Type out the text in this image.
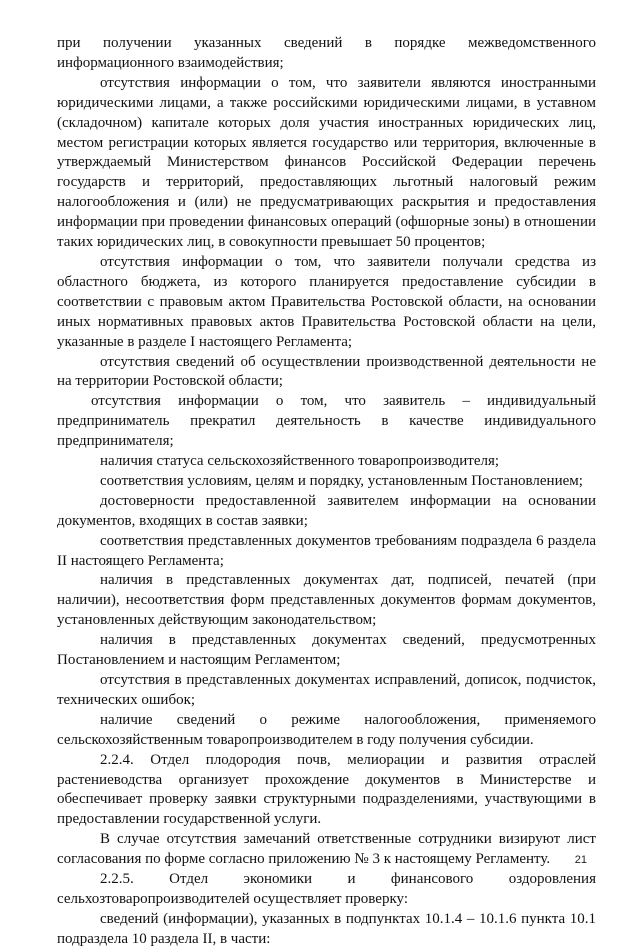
при получении указанных сведений в порядке межведомственного информационного взаимодействия;

отсутствия информации о том, что заявители являются иностранными юридическими лицами, а также российскими юридическими лицами, в уставном (складочном) капитале которых доля участия иностранных юридических лиц, местом регистрации которых является государство или территория, включенные в утверждаемый Министерством финансов Российской Федерации перечень государств и территорий, предоставляющих льготный налоговый режим налогообложения и (или) не предусматривающих раскрытия и предоставления информации при проведении финансовых операций (офшорные зоны) в отношении таких юридических лиц, в совокупности превышает 50 процентов;

отсутствия информации о том, что заявители получали средства из областного бюджета, из которого планируется предоставление субсидии в соответствии с правовым актом Правительства Ростовской области, на основании иных нормативных правовых актов Правительства Ростовской области на цели, указанные в разделе I настоящего Регламента;

отсутствия сведений об осуществлении производственной деятельности не на территории Ростовской области;

отсутствия информации о том, что заявитель – индивидуальный предприниматель прекратил деятельность в качестве индивидуального предпринимателя;

наличия статуса сельскохозяйственного товаропроизводителя;

соответствия условиям, целям и порядку, установленным Постановлением;

достоверности предоставленной заявителем информации на основании документов, входящих в состав заявки;

соответствия представленных документов требованиям подраздела 6 раздела II настоящего Регламента;

наличия в представленных документах дат, подписей, печатей (при наличии), несоответствия форм представленных документов формам документов, установленных действующим законодательством;

наличия в представленных документах сведений, предусмотренных Постановлением и настоящим Регламентом;

отсутствия в представленных документах исправлений, дописок, подчисток, технических ошибок;

наличие сведений о режиме налогообложения, применяемого сельскохозяйственным товаропроизводителем в году получения субсидии.

2.2.4. Отдел плодородия почв, мелиорации и развития отраслей растениеводства организует прохождение документов в Министерстве и обеспечивает проверку заявки структурными подразделениями, участвующими в предоставлении государственной услуги.

В случае отсутствия замечаний ответственные сотрудники визируют лист согласования по форме согласно приложению № 3 к настоящему Регламенту.

2.2.5. Отдел экономики и финансового оздоровления сельхозтоваропроизводителей осуществляет проверку:

сведений (информации), указанных в подпунктах 10.1.4 – 10.1.6 пункта 10.1 подраздела 10 раздела II, в части:

21
